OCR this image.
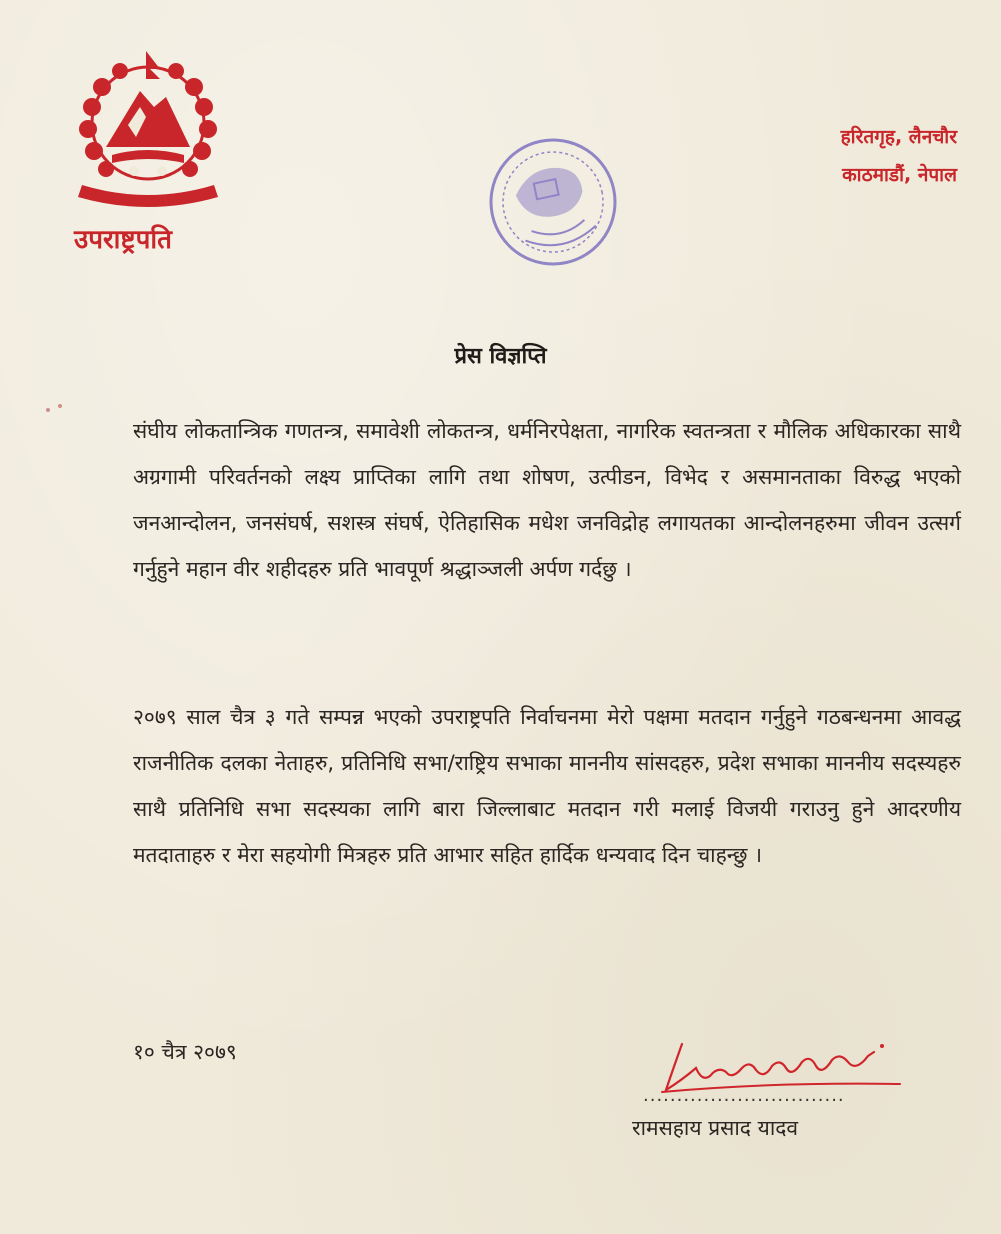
उपराष्ट्रपति
हरितगृह, लैनचौर
काठमाडौं, नेपाल
प्रेस विज्ञप्ति
संघीय लोकतान्त्रिक गणतन्त्र, समावेशी लोकतन्त्र, धर्मनिरपेक्षता, नागरिक स्वतन्त्रता र मौलिक अधिकारका साथै अग्रगामी परिवर्तनको लक्ष्य प्राप्तिका लागि तथा शोषण, उत्पीडन, विभेद र असमानताका विरुद्ध भएको जनआन्दोलन, जनसंघर्ष, सशस्त्र संघर्ष, ऐतिहासिक मधेश जनविद्रोह लगायतका आन्दोलनहरुमा जीवन उत्सर्ग गर्नुहुने महान वीर शहीदहरु प्रति भावपूर्ण श्रद्धाञ्जली अर्पण गर्दछु ।
२०७९ साल चैत्र ३ गते सम्पन्न भएको उपराष्ट्रपति निर्वाचनमा मेरो पक्षमा मतदान गर्नुहुने गठबन्धनमा आवद्ध राजनीतिक दलका नेताहरु, प्रतिनिधि सभा/राष्ट्रिय सभाका माननीय सांसदहरु, प्रदेश सभाका माननीय सदस्यहरु साथै प्रतिनिधि सभा सदस्यका लागि बारा जिल्लाबाट मतदान गरी मलाई विजयी गराउनु हुने आदरणीय मतदाताहरु र मेरा सहयोगी मित्रहरु प्रति आभार सहित हार्दिक धन्यवाद दिन चाहन्छु ।
१० चैत्र २०७९
..............................
रामसहाय प्रसाद यादव
